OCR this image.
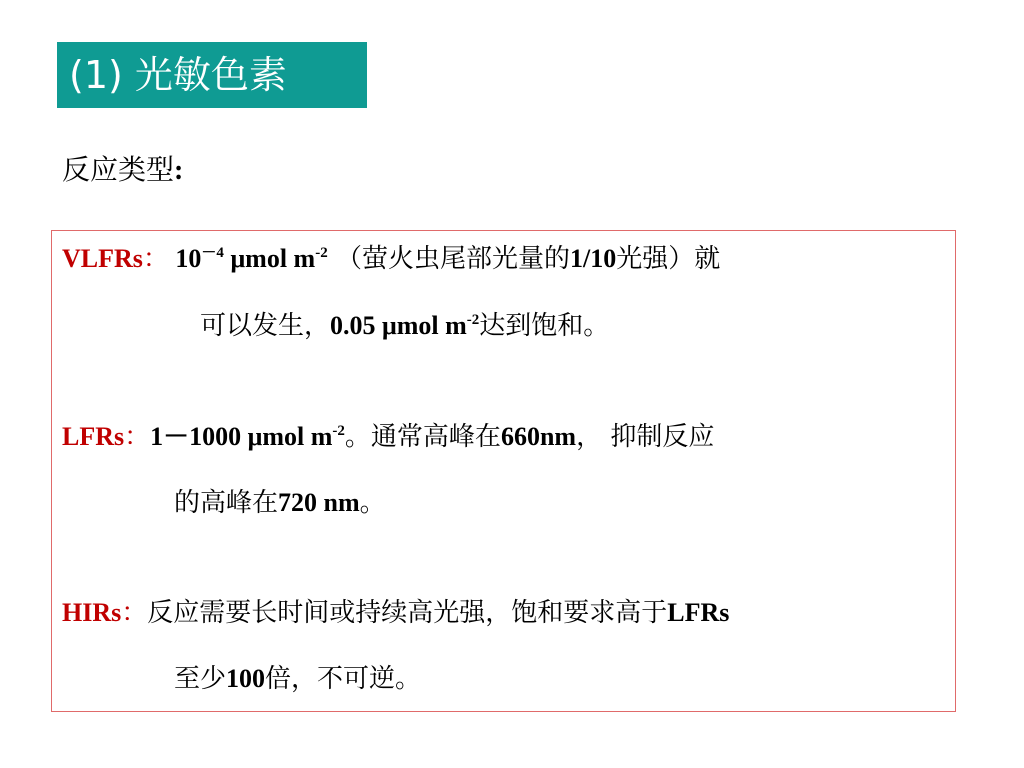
(1) 光敏色素
反应类型:
VLFRs： $10^{-4}$ μmol $m^{-2}$ （萤火虫尾部光量的1/10光强）就
可以发生，0.05 μmol $m^{-2}$达到饱和。
LFRs：1－1000 μmol $m^{-2}$。通常高峰在660nm， 抑制反应
的高峰在720 nm。
HIRs：反应需要长时间或持续高光强，饱和要求高于LFRs
至少100倍，不可逆。
